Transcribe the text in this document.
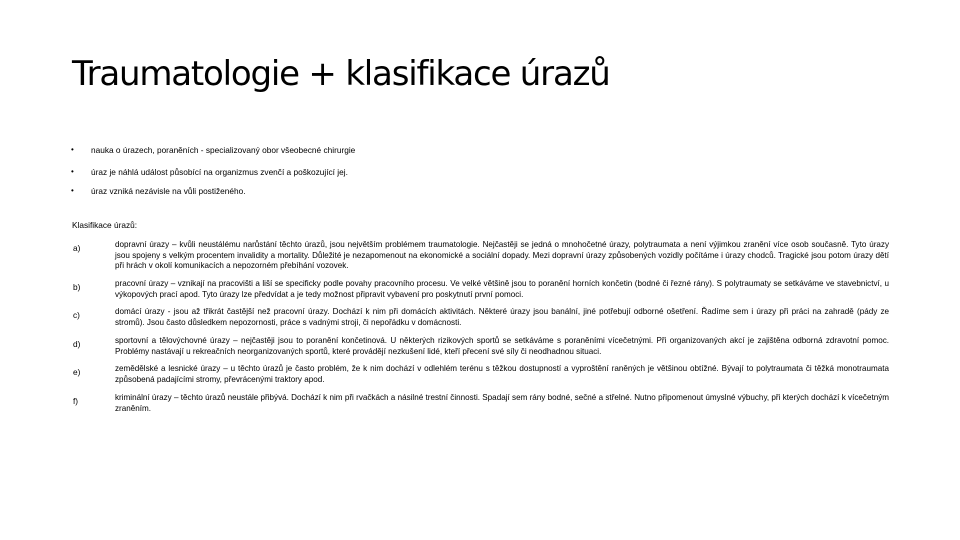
Traumatologie + klasifikace úrazů
• nauka o úrazech, poraněních - specializovaný obor všeobecné chirurgie
• úraz je náhlá událost působící na organizmus zvenčí a poškozující jej.
• úraz vzniká nezávisle na vůli postiženého.
Klasifikace úrazů:
a)	dopravní úrazy – kvůli neustálému narůstání těchto úrazů, jsou největším problémem traumatologie. Nejčastěji se jedná o mnohočetné úrazy, polytraumata a není výjimkou zranění více osob současně. Tyto úrazy jsou spojeny s velkým procentem invalidity a mortality. Důležité je nezapomenout na ekonomické a sociální dopady. Mezi dopravní úrazy způsobených vozidly počítáme i úrazy chodců. Tragické jsou potom úrazy dětí při hrách v okolí komunikacích a nepozorném přebíhání vozovek.
b)	pracovní úrazy – vznikají na pracovišti a liší se specificky podle povahy pracovního procesu. Ve velké většině jsou to poranění horních končetin (bodné či řezné rány). S polytraumaty se setkáváme ve stavebnictví, u výkopových prací apod. Tyto úrazy lze předvídat a je tedy možnost připravit vybavení pro poskytnutí první pomoci.
c)	domácí úrazy - jsou až třikrát častější než pracovní úrazy. Dochází k nim při domácích aktivitách. Některé úrazy jsou banální, jiné potřebují odborné ošetření. Řadíme sem i úrazy při práci na zahradě (pády ze stromů). Jsou často důsledkem nepozornosti, práce s vadnými stroji, či nepořádku v domácnosti.
d)	sportovní a tělovýchovné úrazy – nejčastěji jsou to poranění končetinová. U některých rizikových sportů se setkáváme s poraněními vícečetnými. Při organizovaných akcí je zajištěna odborná zdravotní pomoc. Problémy nastávají u rekreačních neorganizovaných sportů, které provádějí nezkušení lidé, kteří přecení své síly či neodhadnou situaci.
e)	zemědělské a lesnické úrazy – u těchto úrazů je často problém, že k nim dochází v odlehlém terénu s těžkou dostupností a vyproštění raněných je většinou obtížné. Bývají to polytraumata či těžká monotraumata způsobená padajícími stromy, převrácenými traktory apod.
f)	kriminální úrazy – těchto úrazů neustále přibývá. Dochází k nim při rvačkách a násilné trestní činnosti. Spadají sem rány bodné, sečné a střelné. Nutno připomenout úmyslné výbuchy, při kterých dochází k vícečetným zraněním.
